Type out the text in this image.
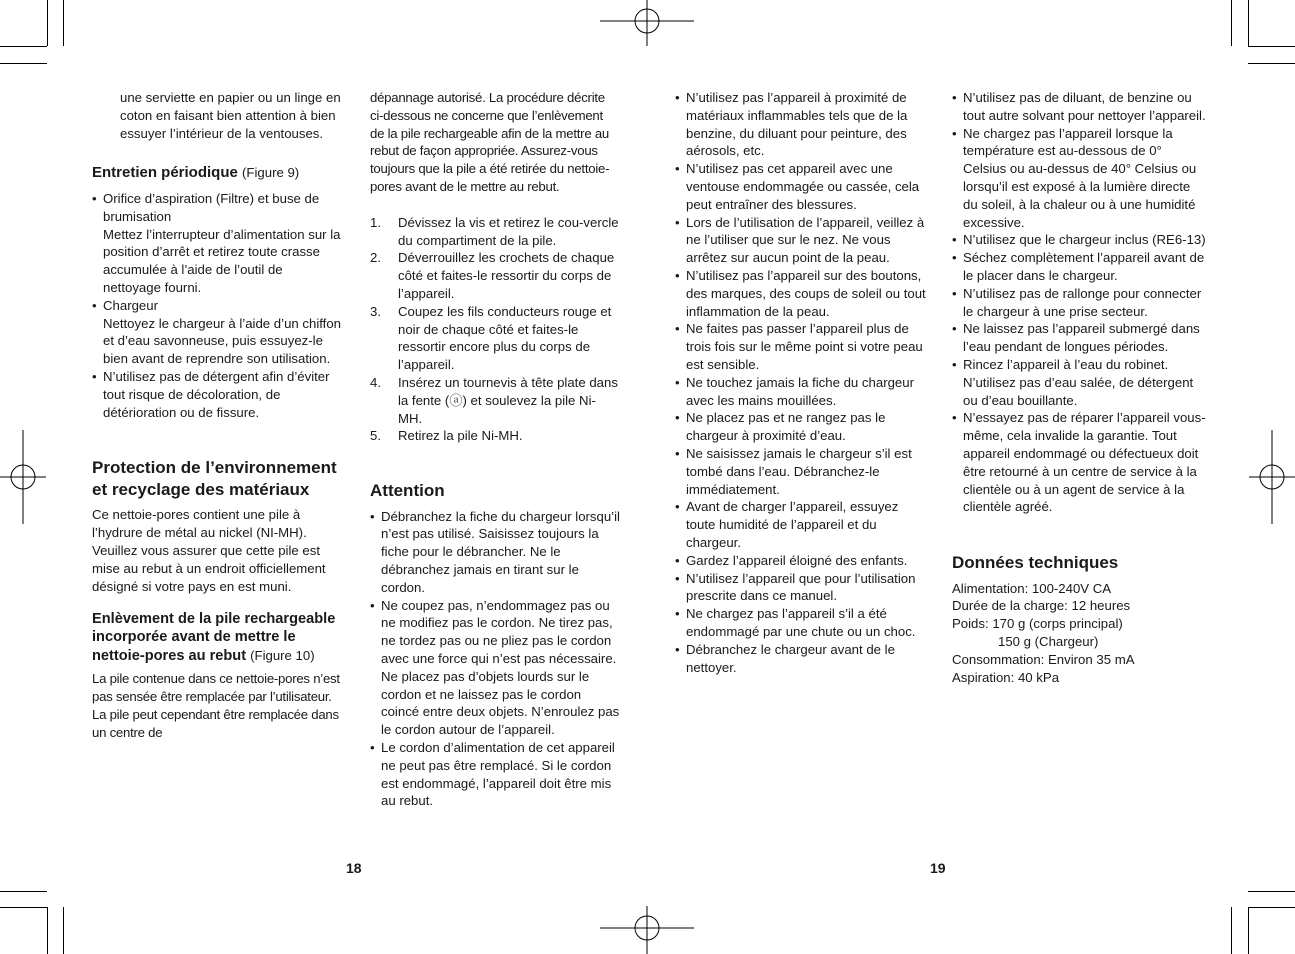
une serviette en papier ou un linge en coton en faisant bien attention à bien essuyer l’intérieur de la ventouses.

Entretien périodique (Figure 9)
• Orifice d’aspiration (Filtre) et buse de brumisation
Mettez l’interrupteur d’alimentation sur la position d’arrêt et retirez toute crasse accumulée à l’aide de l’outil de nettoyage fourni.
• Chargeur
Nettoyez le chargeur à l’aide d’un chiffon et d’eau savonneuse, puis essuyez-le bien avant de reprendre son utilisation.
• N’utilisez pas de détergent afin d’éviter tout risque de décoloration, de détérioration ou de fissure.
Protection de l’environnement et recyclage des matériaux

Ce nettoie-pores contient une pile à l’hydrure de métal au nickel (NI-MH). Veuillez vous assurer que cette pile est mise au rebut à un endroit officiellement désigné si votre pays en est muni.

Enlèvement de la pile rechargeable incorporée avant de mettre le nettoie-pores au rebut (Figure 10)

La pile contenue dans ce nettoie-pores n’est pas sensée être remplacée par l’utilisateur. La pile peut cependant être remplacée dans un centre de

dépannage autorisé. La procédure décrite ci-dessous ne concerne que l’enlèvement de la pile rechargeable afin de la mettre au rebut de façon appropriée. Assurez-vous toujours que la pile a été retirée du nettoie-pores avant de le mettre au rebut.

1. Dévissez la vis et retirez le cou-vercle du compartiment de la pile.
2. Déverrouillez les crochets de chaque côté et faites-le ressortir du corps de l’appareil.
3. Coupez les fils conducteurs rouge et noir de chaque côté et faites-le ressortir encore plus du corps de l’appareil.
4. Insérez un tournevis à tête plate dans la fente (ⓐ) et soulevez la pile Ni-MH.
5. Retirez la pile Ni-MH.
Attention
• Débranchez la fiche du chargeur lorsqu’il n’est pas utilisé. Saisissez toujours la fiche pour le débrancher. Ne le débranchez jamais en tirant sur le cordon.
• Ne coupez pas, n’endommagez pas ou ne modifiez pas le cordon. Ne tirez pas, ne tordez pas ou ne pliez pas le cordon avec une force qui n’est pas nécessaire. Ne placez pas d’objets lourds sur le cordon et ne laissez pas le cordon coincé entre deux objets. N’enroulez pas le cordon autour de l’appareil.
• Le cordon d’alimentation de cet appareil ne peut pas être remplacé. Si le cordon est endommagé, l’appareil doit être mis au rebut.
• N’utilisez pas l’appareil à proximité de matériaux inflammables tels que de la benzine, du diluant pour peinture, des aérosols, etc.
• N’utilisez pas cet appareil avec une ventouse endommagée ou cassée, cela peut entraîner des blessures.
• Lors de l’utilisation de l’appareil, veillez à ne l’utiliser que sur le nez. Ne vous arrêtez sur aucun point de la peau.
• N’utilisez pas l’appareil sur des boutons, des marques, des coups de soleil ou tout inflammation de la peau.
• Ne faites pas passer l’appareil plus de trois fois sur le même point si votre peau est sensible.
• Ne touchez jamais la fiche du chargeur avec les mains mouillées.
• Ne placez pas et ne rangez pas le chargeur à proximité d’eau.
• Ne saisissez jamais le chargeur s’il est tombé dans l’eau. Débranchez-le immédiatement.
• Avant de charger l’appareil, essuyez toute humidité de l’appareil et du chargeur.
• Gardez l’appareil éloigné des enfants.
• N’utilisez l’appareil que pour l’utilisation prescrite dans ce manuel.
• Ne chargez pas l’appareil s’il a été endommagé par une chute ou un choc.
• Débranchez le chargeur avant de le nettoyer.
• N’utilisez pas de diluant, de benzine ou tout autre solvant pour nettoyer l’appareil.
• Ne chargez pas l’appareil lorsque la température est au-dessous de 0° Celsius ou au-dessus de 40° Celsius ou lorsqu’il est exposé à la lumière directe du soleil, à la chaleur ou à une humidité excessive.
• N’utilisez que le chargeur inclus (RE6-13)
• Séchez complètement l’appareil avant de le placer dans le chargeur.
• N’utilisez pas de rallonge pour connecter le chargeur à une prise secteur.
• Ne laissez pas l’appareil submergé dans l’eau pendant de longues périodes.
• Rincez l’appareil à l’eau du robinet. N’utilisez pas d’eau salée, de détergent ou d’eau bouillante.
• N’essayez pas de réparer l’appareil vous-même, cela invalide la garantie. Tout appareil endommagé ou défectueux doit être retourné à un centre de service à la clientèle ou à un agent de service à la clientèle agréé.
Données techniques
Alimentation: 100-240V CA
Durée de la charge: 12 heures
Poids: 170 g (corps principal)
150 g (Chargeur)
Consommation: Environ 35 mA
Aspiration: 40 kPa
18	19
